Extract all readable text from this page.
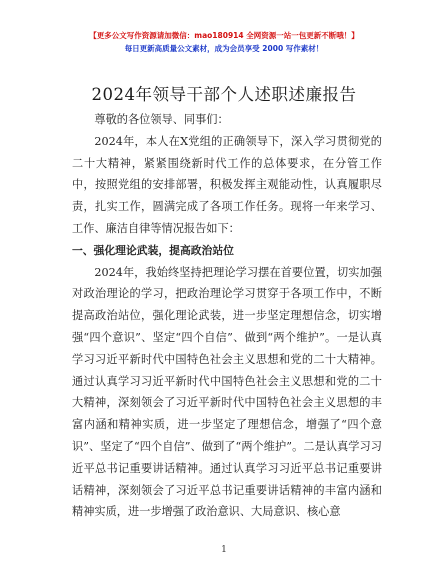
【更多公文写作资源请加微信：mao180914 全网资源一站一包更新不断哦！】
每日更新高质量公文素材，成为会员享受 2000 写作素材！
2024年领导干部个人述职述廉报告

尊敬的各位领导、同事们：

2024年，本人在X党组的正确领导下，深入学习贯彻党的二十大精神，紧紧围绕新时代工作的总体要求，在分管工作中，按照党组的安排部署，积极发挥主观能动性，认真履职尽责，扎实工作，圆满完成了各项工作任务。现将一年来学习、工作、廉洁自律等情况报告如下：

一、强化理论武装，提高政治站位

2024年，我始终坚持把理论学习摆在首要位置，切实加强对政治理论的学习，把政治理论学习贯穿于各项工作中，不断提高政治站位，强化理论武装，进一步坚定理想信念，切实增强“四个意识”、坚定“四个自信”、做到“两个维护”。一是认真学习习近平新时代中国特色社会主义思想和党的二十大精神。通过认真学习习近平新时代中国特色社会主义思想和党的二十大精神，深刻领会了习近平新时代中国特色社会主义思想的丰富内涵和精神实质，进一步坚定了理想信念，增强了“四个意识”、坚定了“四个自信”、做到了“两个维护”。二是认真学习习近平总书记重要讲话精神。通过认真学习习近平总书记重要讲话精神，深刻领会了习近平总书记重要讲话精神的丰富内涵和精神实质，进一步增强了政治意识、大局意识、核心意

1
